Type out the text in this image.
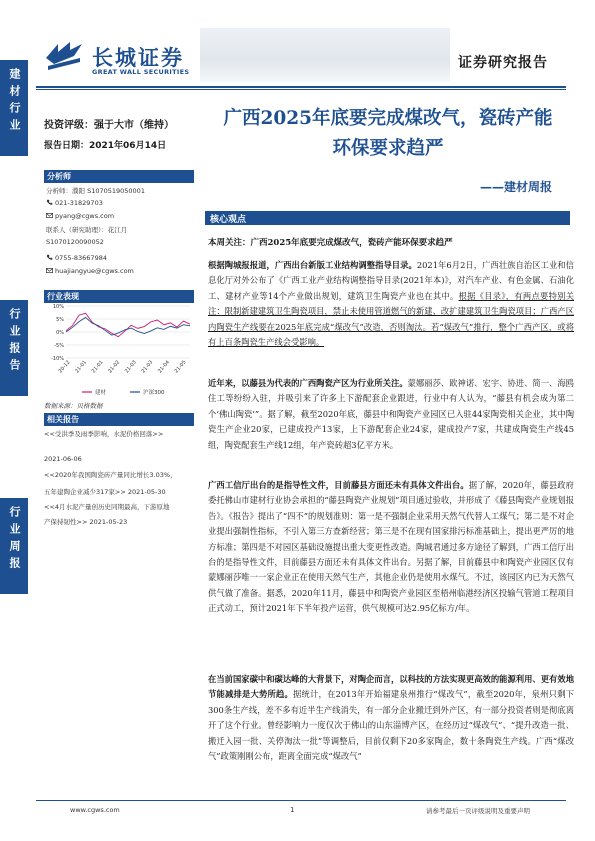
建材行业
行业报告
行业周报
长城证券
GREAT WALL SECURITIES
证券研究报告
投资评级：强于大市（维持）
报告日期：2021年06月14日
分析师
分析师：濮阳 S1070519050001
021-31829703
pyang@cgws.com
联系人（研究助理）：花江月
S1070120090052
0755-83667984
huajiangyue@cgws.com
行业表现
10%
5%
0%
-5%
-10%
20-12 21-01 21-01 21-02 21-03 21-03 21-04 21-05
建材	沪深300
数据来源：贝格数据
相关报告
<<受洪季及雨季影响，水泥价格回落>>
2021-06-06
<<2020年我国陶瓷砖产量同比增长3.03%，
五年建陶企业减少317家>> 2021-05-30
<<4月水泥产量创历史同期最高，下游原地
产保持韧性>> 2021-05-23
广西2025年底要完成煤改气，瓷砖产能
环保要求趋严
——建材周报
核心观点
本周关注：广西2025年底要完成煤改气，瓷砖产能环保要求趋严
根据陶城报报道，广西出台新版工业结构调整指导目录。2021年6月2日，广西壮族自治区工业和信息化厅对外公布了《广西工业产业结构调整指导目录(2021年本)》，对汽车产业、有色金属、石油化工、建材产业等14个产业做出规划，建筑卫生陶瓷产业也在其中。根据《目录》，有两点要特别关注：限制新建建筑卫生陶瓷项目，禁止未使用管道燃气的新建、改扩建建筑卫生陶瓷项目；广西产区内陶瓷生产线要在2025年底完成“煤改气”改造，否则淘汰。若“煤改气”推行，整个广西产区，或将有上百条陶瓷生产线会受影响。
近年来，以藤县为代表的广西陶瓷产区为行业所关注。蒙娜丽莎、欧神诺、宏宇、协进、简一、海鸥住工等纷纷入驻，并吸引来了许多上下游配套企业跟进，行业中有人认为，“藤县有机会成为第二个‘佛山陶瓷’”。据了解，截至2020年底，藤县中和陶瓷产业园区已入驻44家陶瓷相关企业，其中陶瓷生产企业20家，已建成投产13家，上下游配套企业24家，建成投产7家，共建成陶瓷生产线45组，陶瓷配套生产线12组，年产瓷砖超3亿平方米。
广西工信厅出台的是指导性文件，目前藤县方面还未有具体文件出台。据了解，2020年，藤县政府委托佛山市建材行业协会承担的“藤县陶瓷产业规划”项目通过验收，并形成了《藤县陶瓷产业规划报告》。《报告》提出了“四不”的规划准则：第一是不强制企业采用天然气代替人工煤气；第二是不对企业提出强制性指标，不引入第三方查新经营；第三是不在现有国家排污标准基础上，提出更严厉的地方标准；第四是不对园区基础设施提出重大变更性改造。陶城君通过多方途径了解到，广西工信厅出台的是指导性文件，目前藤县方面还未有具体文件出台。另据了解，目前藤县中和陶瓷产业园区仅有蒙娜丽莎唯一一家企业正在使用天然气生产，其他企业仍是使用水煤气。不过，该园区内已为天然气供气做了准备。据悉，2020年11月，藤县中和陶瓷产业园区至梧州临港经济区投输气管道工程项目正式动工，预计2021年下半年投产运营，供气规模可达2.95亿标方/年。
在当前国家碳中和碳达峰的大背景下，对陶企而言，以科技的方法实现更高效的能源利用、更有效地节能减排是大势所趋。据统计，在2013年开始福建泉州推行“煤改气”，截至2020年，泉州只剩下300条生产线，差不多有近半生产线消失，有一部分企业搬迁到外产区，有一部分投资者则是彻底离开了这个行业。曾经影响力一度仅次于佛山的山东淄博产区，在经历过“煤改气”、“提升改造一批、搬迁入园一批、关停淘汰一批”等调整后，目前仅剩下20多家陶企，数十条陶瓷生产线。广西“煤改气”政策刚刚公布，距离全面完成“煤改气”
www.cgws.com	1	请参考最后一页评级说明及重要声明
